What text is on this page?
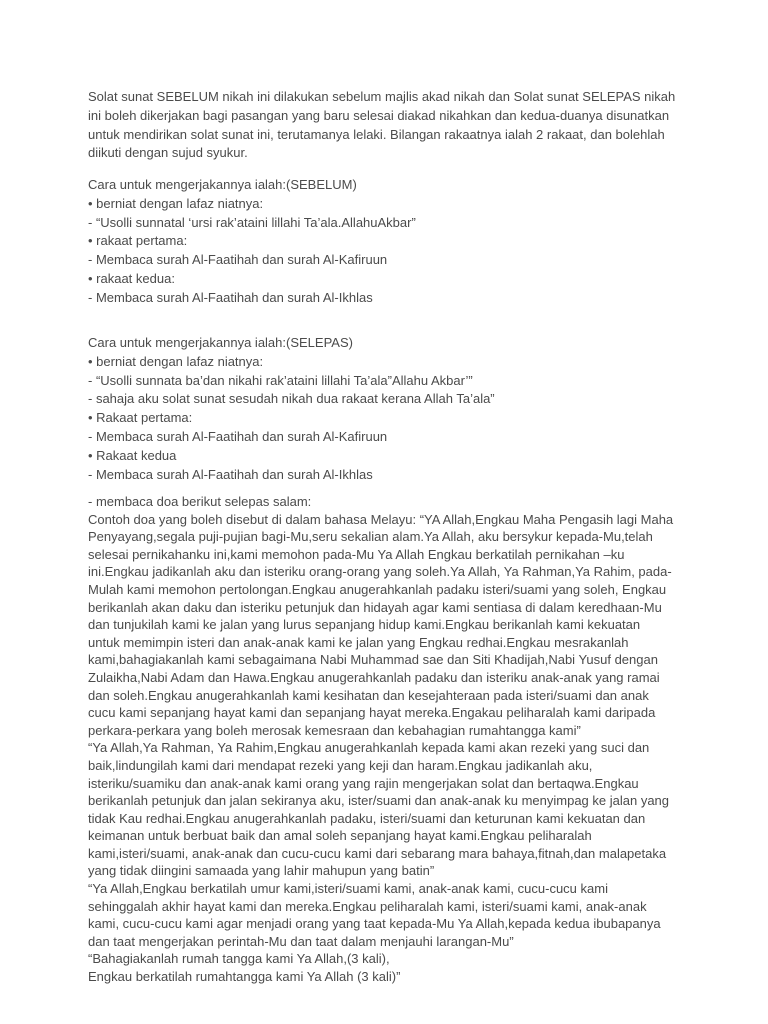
Solat sunat SEBELUM nikah ini dilakukan sebelum majlis akad nikah dan Solat sunat SELEPAS nikah
ini boleh dikerjakan bagi pasangan yang baru selesai diakad nikahkan dan kedua-duanya disunatkan
untuk mendirikan solat sunat ini, terutamanya lelaki. Bilangan rakaatnya ialah 2 rakaat, dan bolehlah
diikuti dengan sujud syukur.
Cara untuk mengerjakannya ialah:(SEBELUM)
• berniat dengan lafaz niatnya:
- “Usolli sunnatal ‘ursi rak’ataini lillahi Ta’ala.AllahuAkbar”
• rakaat pertama:
- Membaca surah Al-Faatihah dan surah Al-Kafiruun
• rakaat kedua:
- Membaca surah Al-Faatihah dan surah Al-Ikhlas
Cara untuk mengerjakannya ialah:(SELEPAS)
• berniat dengan lafaz niatnya:
- “Usolli sunnata ba’dan nikahi rak’ataini lillahi Ta’ala”Allahu Akbar’”
- sahaja aku solat sunat sesudah nikah dua rakaat kerana Allah Ta’ala”
• Rakaat pertama:
- Membaca surah Al-Faatihah dan surah Al-Kafiruun
• Rakaat kedua
- Membaca surah Al-Faatihah dan surah Al-Ikhlas
- membaca doa berikut selepas salam:
Contoh doa yang boleh disebut di dalam bahasa Melayu: “YA Allah,Engkau Maha Pengasih lagi Maha
Penyayang,segala puji-pujian bagi-Mu,seru sekalian alam.Ya Allah, aku bersykur kepada-Mu,telah
selesai pernikahanku ini,kami memohon pada-Mu Ya Allah Engkau berkatilah pernikahan –ku
ini.Engkau jadikanlah aku dan isteriku orang-orang yang soleh.Ya Allah, Ya Rahman,Ya Rahim, pada-
Mulah kami memohon pertolongan.Engkau anugerahkanlah padaku isteri/suami yang soleh, Engkau
berikanlah akan daku dan isteriku petunjuk dan hidayah agar kami sentiasa di dalam keredhaan-Mu
dan tunjukilah kami ke jalan yang lurus sepanjang hidup kami.Engkau berikanlah kami kekuatan
untuk memimpin isteri dan anak-anak kami ke jalan yang Engkau redhai.Engkau mesrakanlah
kami,bahagiakanlah kami sebagaimana Nabi Muhammad sae dan Siti Khadijah,Nabi Yusuf dengan
Zulaikha,Nabi Adam dan Hawa.Engkau anugerahkanlah padaku dan isteriku anak-anak yang ramai
dan soleh.Engkau anugerahkanlah kami kesihatan dan kesejahteraan pada isteri/suami dan anak
cucu kami sepanjang hayat kami dan sepanjang hayat mereka.Engakau peliharalah kami daripada
perkara-perkara yang boleh merosak kemesraan dan kebahagian rumahtangga kami”
“Ya Allah,Ya Rahman, Ya Rahim,Engkau anugerahkanlah kepada kami akan rezeki yang suci dan
baik,lindungilah kami dari mendapat rezeki yang keji dan haram.Engkau jadikanlah aku,
isteriku/suamiku dan anak-anak kami orang yang rajin mengerjakan solat dan bertaqwa.Engkau
berikanlah petunjuk dan jalan sekiranya aku, ister/suami dan anak-anak ku menyimpag ke jalan yang
tidak Kau redhai.Engkau anugerahkanlah padaku, isteri/suami dan keturunan kami kekuatan dan
keimanan untuk berbuat baik dan amal soleh sepanjang hayat kami.Engkau peliharalah
kami,isteri/suami, anak-anak dan cucu-cucu kami dari sebarang mara bahaya,fitnah,dan malapetaka
yang tidak diingini samaada yang lahir mahupun yang batin”
“Ya Allah,Engkau berkatilah umur kami,isteri/suami kami, anak-anak kami, cucu-cucu kami
sehinggalah akhir hayat kami dan mereka.Engkau peliharalah kami, isteri/suami kami, anak-anak
kami, cucu-cucu kami agar menjadi orang yang taat kepada-Mu Ya Allah,kepada kedua ibubapanya
dan taat mengerjakan perintah-Mu dan taat dalam menjauhi larangan-Mu”
“Bahagiakanlah rumah tangga kami Ya Allah,(3 kali),
Engkau berkatilah rumahtangga kami Ya Allah (3 kali)”
